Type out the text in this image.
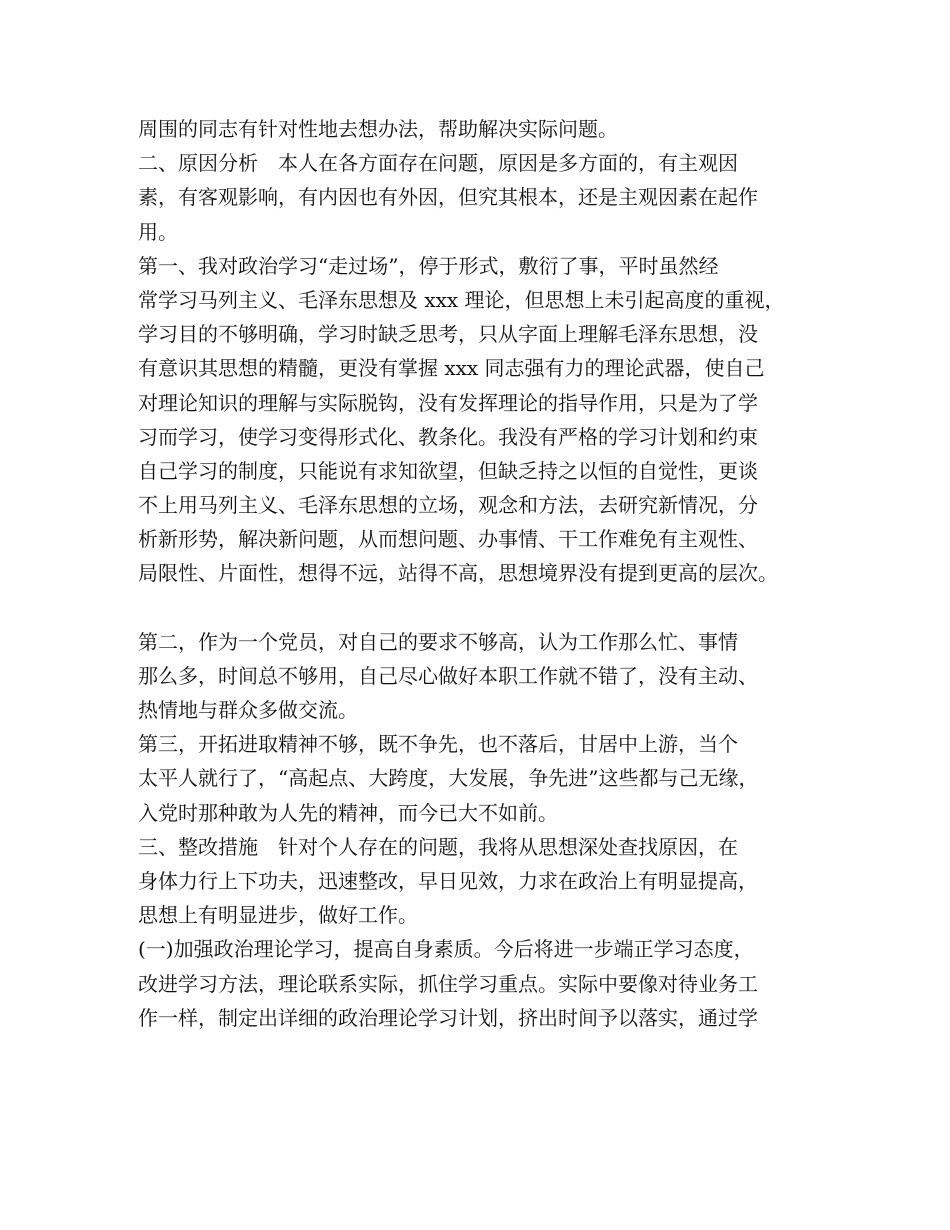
周围的同志有针对性地去想办法，帮助解决实际问题。
二、原因分析　本人在各方面存在问题，原因是多方面的，有主观因
素，有客观影响，有内因也有外因，但究其根本，还是主观因素在起作
用。
第一、我对政治学习“走过场”，停于形式，敷衍了事，平时虽然经
常学习马列主义、毛泽东思想及 xxx 理论，但思想上未引起高度的重视，
学习目的不够明确，学习时缺乏思考，只从字面上理解毛泽东思想，没
有意识其思想的精髓，更没有掌握 xxx 同志强有力的理论武器，使自己
对理论知识的理解与实际脱钩，没有发挥理论的指导作用，只是为了学
习而学习，使学习变得形式化、教条化。我没有严格的学习计划和约束
自己学习的制度，只能说有求知欲望，但缺乏持之以恒的自觉性，更谈
不上用马列主义、毛泽东思想的立场，观念和方法，去研究新情况，分
析新形势，解决新问题，从而想问题、办事情、干工作难免有主观性、
局限性、片面性，想得不远，站得不高，思想境界没有提到更高的层次。
第二，作为一个党员，对自己的要求不够高，认为工作那么忙、事情
那么多，时间总不够用，自己尽心做好本职工作就不错了，没有主动、
热情地与群众多做交流。
第三，开拓进取精神不够，既不争先，也不落后，甘居中上游，当个
太平人就行了，“高起点、大跨度，大发展，争先进”这些都与己无缘，
入党时那种敢为人先的精神，而今已大不如前。
三、整改措施　针对个人存在的问题，我将从思想深处查找原因，在
身体力行上下功夫，迅速整改，早日见效，力求在政治上有明显提高，
思想上有明显进步，做好工作。
(一)加强政治理论学习，提高自身素质。今后将进一步端正学习态度，
改进学习方法，理论联系实际，抓住学习重点。实际中要像对待业务工
作一样，制定出详细的政治理论学习计划，挤出时间予以落实，通过学
